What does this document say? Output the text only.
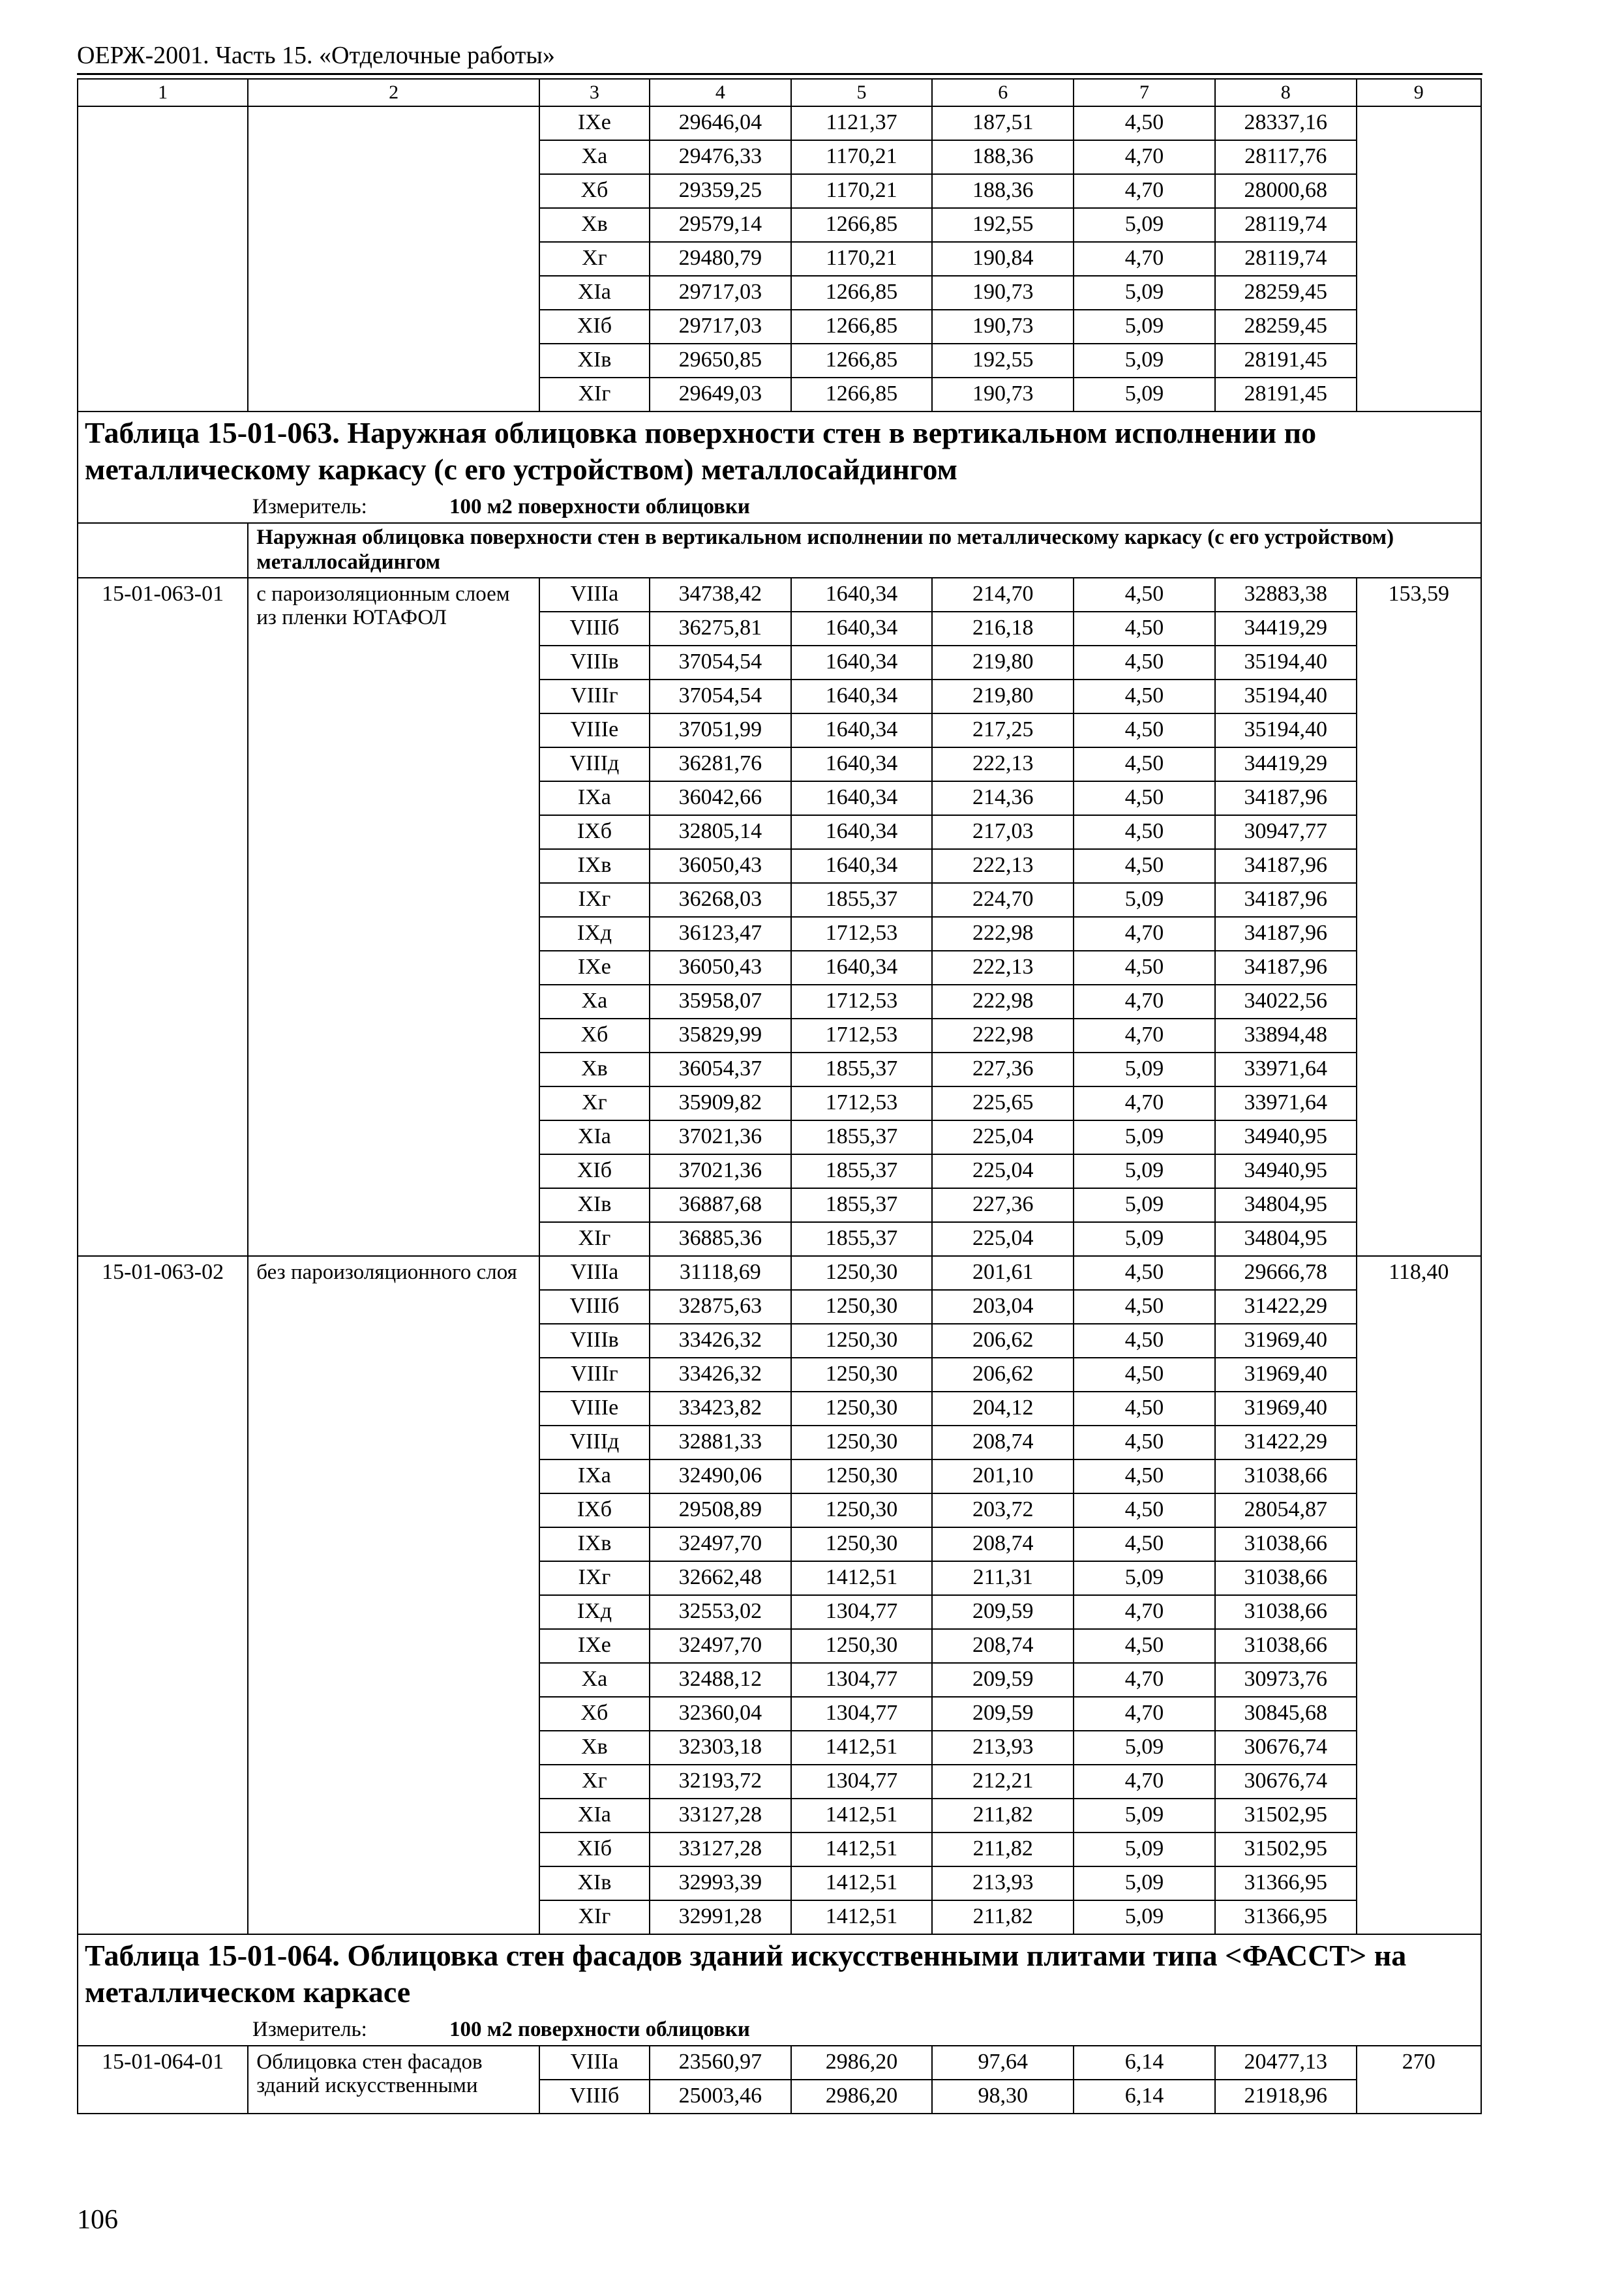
ОЕРЖ-2001. Часть 15. «Отделочные работы»
1	2	3	4	5	6	7	8	9
		IXe	29646,04	1121,37	187,51	4,50	28337,16	
		Xa	29476,33	1170,21	188,36	4,70	28117,76	
		Xб	29359,25	1170,21	188,36	4,70	28000,68	
		Xв	29579,14	1266,85	192,55	5,09	28119,74	
		Xг	29480,79	1170,21	190,84	4,70	28119,74	
		XIa	29717,03	1266,85	190,73	5,09	28259,45	
		XIб	29717,03	1266,85	190,73	5,09	28259,45	
		XIв	29650,85	1266,85	192,55	5,09	28191,45	
		XIг	29649,03	1266,85	190,73	5,09	28191,45	
Таблица 15-01-063. Наружная облицовка поверхности стен в вертикальном исполнении по металлическому каркасу (с его устройством) металлосайдингом								
Измеритель: 100 м2 поверхности облицовки								
	Наружная облицовка поверхности стен в вертикальном исполнении по металлическому каркасу (с его устройством) металлосайдингом							
15-01-063-01	с пароизоляционным слоем из пленки ЮТАФОЛ	VIIIa	34738,42	1640,34	214,70	4,50	32883,38	153,59
		VIIIб	36275,81	1640,34	216,18	4,50	34419,29	
		VIIIв	37054,54	1640,34	219,80	4,50	35194,40	
		VIIIг	37054,54	1640,34	219,80	4,50	35194,40	
		VIIIe	37051,99	1640,34	217,25	4,50	35194,40	
		VIIIд	36281,76	1640,34	222,13	4,50	34419,29	
		IXa	36042,66	1640,34	214,36	4,50	34187,96	
		IXб	32805,14	1640,34	217,03	4,50	30947,77	
		IXв	36050,43	1640,34	222,13	4,50	34187,96	
		IXг	36268,03	1855,37	224,70	5,09	34187,96	
		IXд	36123,47	1712,53	222,98	4,70	34187,96	
		IXe	36050,43	1640,34	222,13	4,50	34187,96	
		Xa	35958,07	1712,53	222,98	4,70	34022,56	
		Xб	35829,99	1712,53	222,98	4,70	33894,48	
		Xв	36054,37	1855,37	227,36	5,09	33971,64	
		Xг	35909,82	1712,53	225,65	4,70	33971,64	
		XIa	37021,36	1855,37	225,04	5,09	34940,95	
		XIб	37021,36	1855,37	225,04	5,09	34940,95	
		XIв	36887,68	1855,37	227,36	5,09	34804,95	
		XIг	36885,36	1855,37	225,04	5,09	34804,95	
15-01-063-02	без пароизоляционного слоя	VIIIa	31118,69	1250,30	201,61	4,50	29666,78	118,40
		VIIIб	32875,63	1250,30	203,04	4,50	31422,29	
		VIIIв	33426,32	1250,30	206,62	4,50	31969,40	
		VIIIг	33426,32	1250,30	206,62	4,50	31969,40	
		VIIIe	33423,82	1250,30	204,12	4,50	31969,40	
		VIIIд	32881,33	1250,30	208,74	4,50	31422,29	
		IXa	32490,06	1250,30	201,10	4,50	31038,66	
		IXб	29508,89	1250,30	203,72	4,50	28054,87	
		IXв	32497,70	1250,30	208,74	4,50	31038,66	
		IXг	32662,48	1412,51	211,31	5,09	31038,66	
		IXд	32553,02	1304,77	209,59	4,70	31038,66	
		IXe	32497,70	1250,30	208,74	4,50	31038,66	
		Xa	32488,12	1304,77	209,59	4,70	30973,76	
		Xб	32360,04	1304,77	209,59	4,70	30845,68	
		Xв	32303,18	1412,51	213,93	5,09	30676,74	
		Xг	32193,72	1304,77	212,21	4,70	30676,74	
		XIa	33127,28	1412,51	211,82	5,09	31502,95	
		XIб	33127,28	1412,51	211,82	5,09	31502,95	
		XIв	32993,39	1412,51	213,93	5,09	31366,95	
		XIг	32991,28	1412,51	211,82	5,09	31366,95	
Таблица 15-01-064. Облицовка стен фасадов зданий искусственными плитами типа <ФАССТ> на металлическом каркасе								
Измеритель: 100 м2 поверхности облицовки								
15-01-064-01	Облицовка стен фасадов зданий искусственными	VIIIa	23560,97	2986,20	97,64	6,14	20477,13	270
		VIIIб	25003,46	2986,20	98,30	6,14	21918,96	
106
